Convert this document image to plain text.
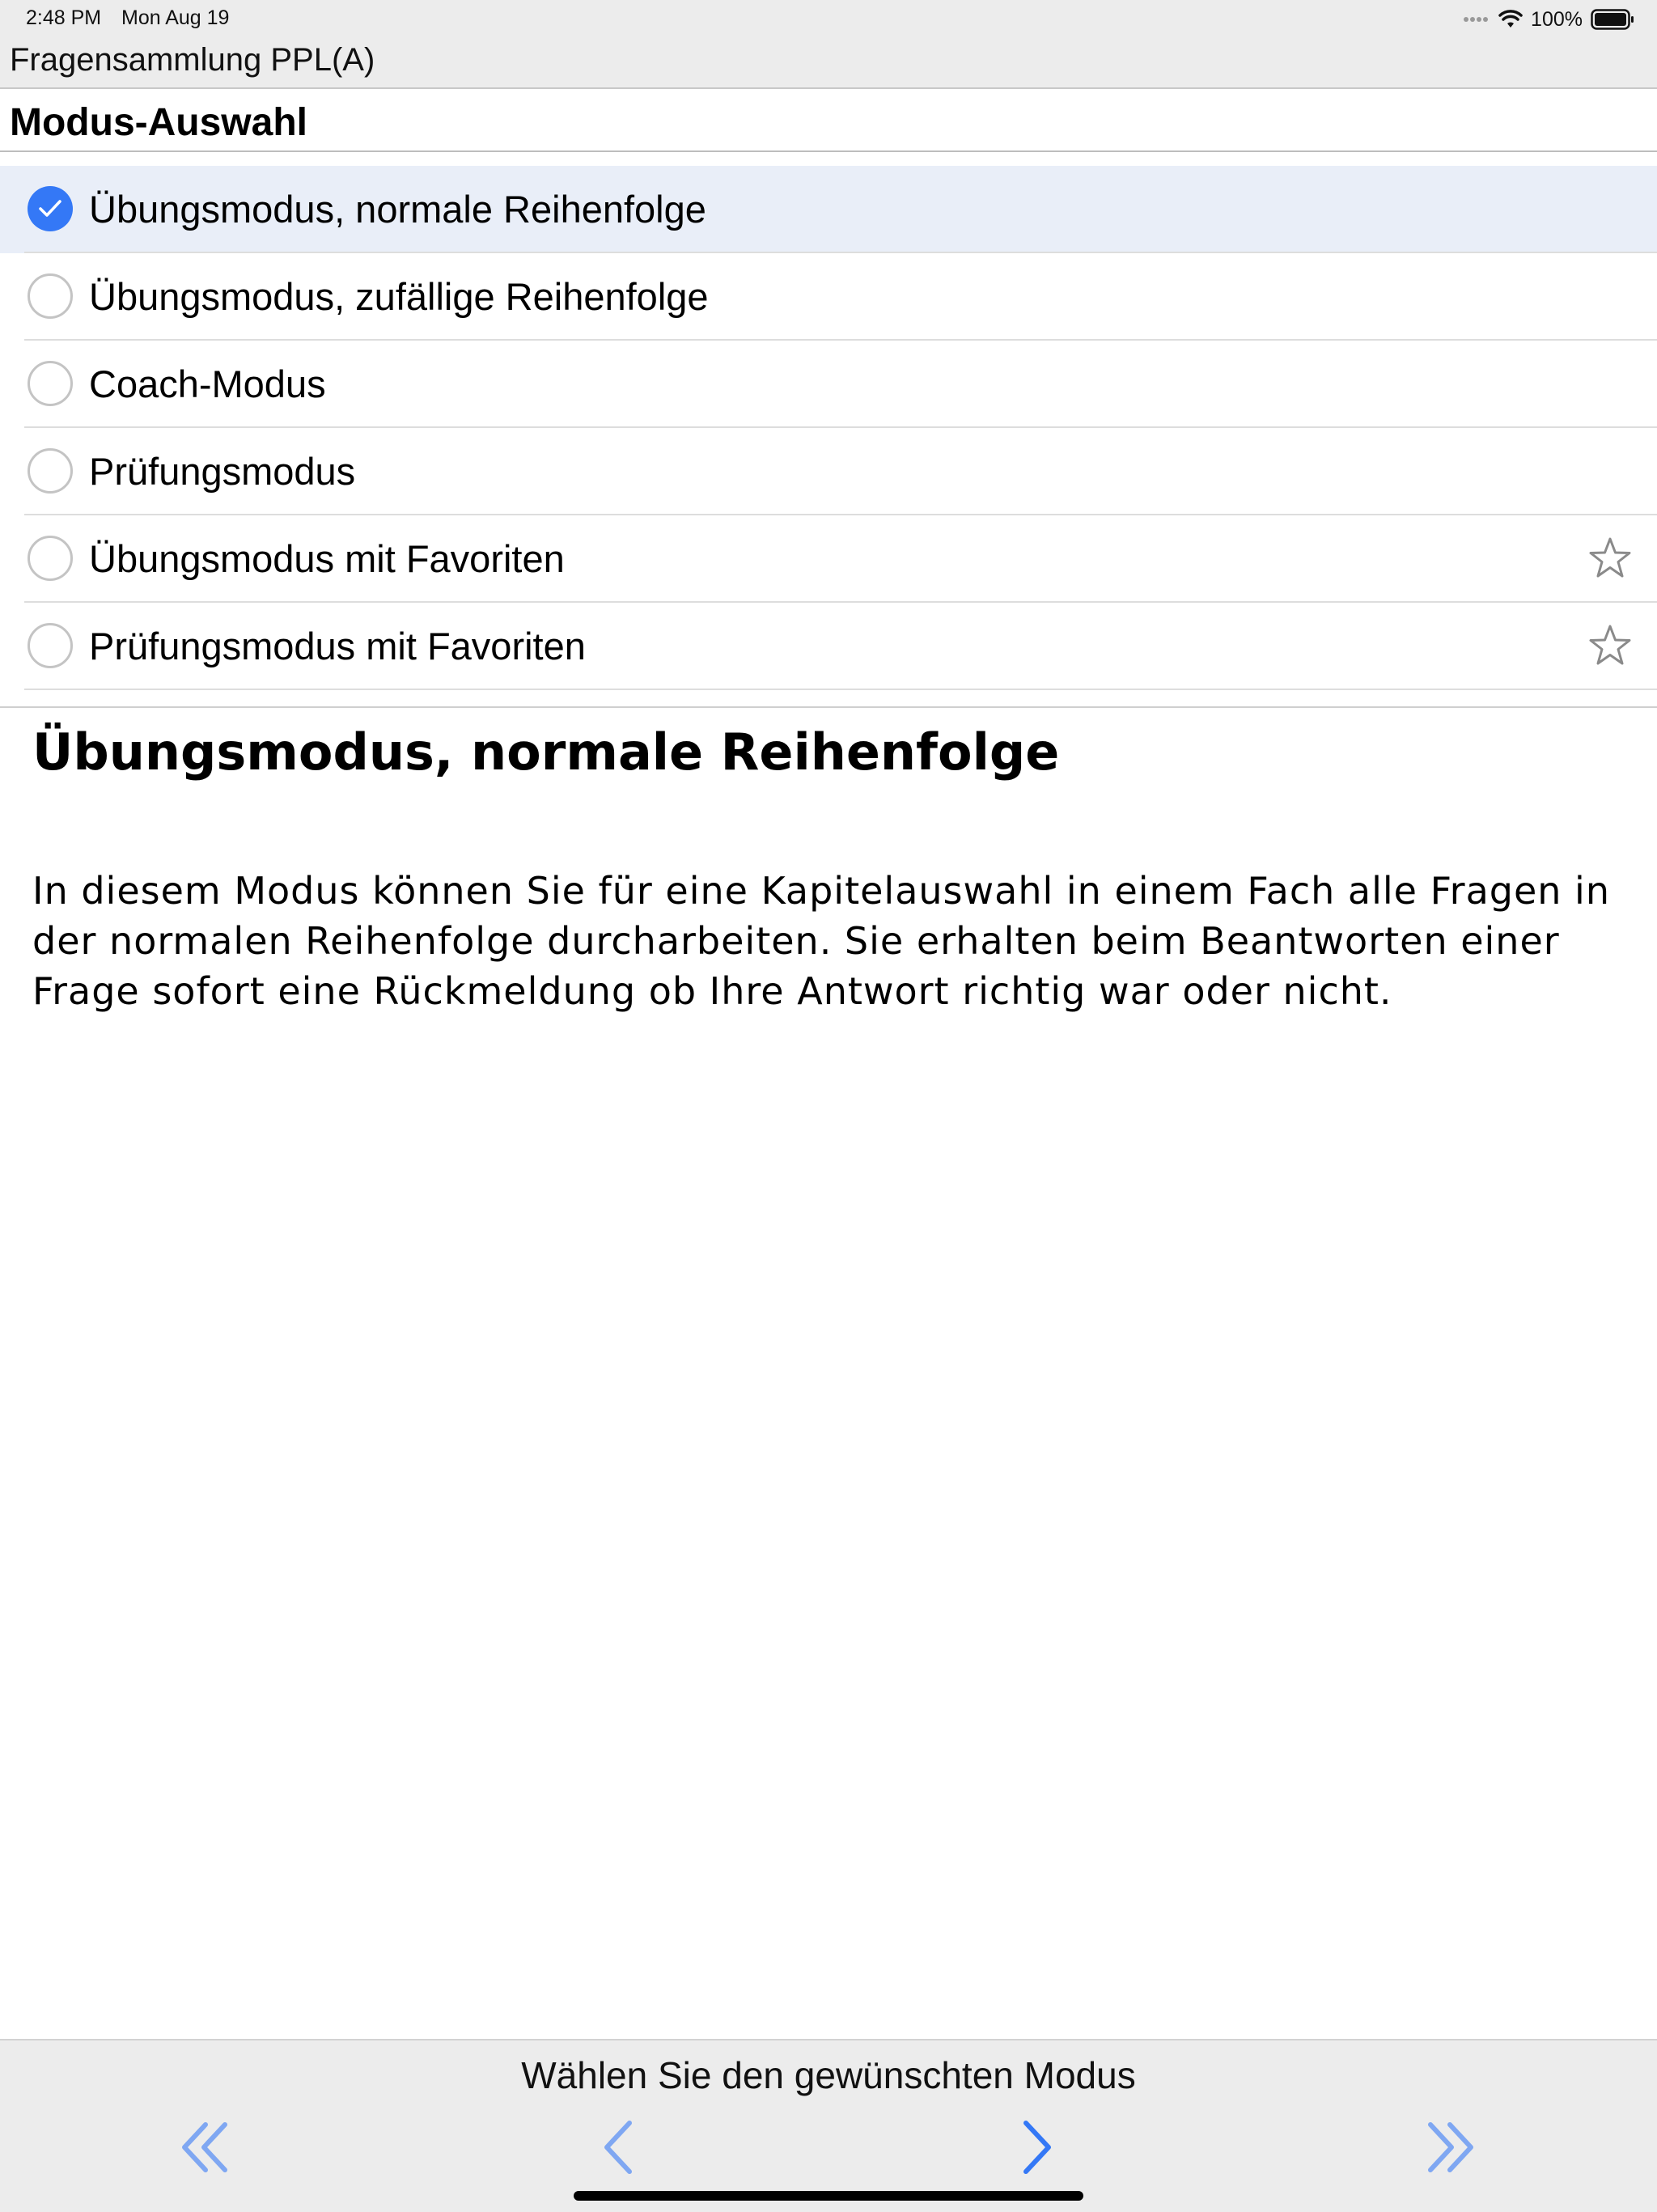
2:48 PM Mon Aug 19	100%
Fragensammlung PPL(A)
Modus-Auswahl
Übungsmodus, normale Reihenfolge
Übungsmodus, zufällige Reihenfolge
Coach-Modus
Prüfungsmodus
Übungsmodus mit Favoriten
Prüfungsmodus mit Favoriten
Übungsmodus, normale Reihenfolge
In diesem Modus können Sie für eine Kapitelauswahl in einem Fach alle Fragen in der normalen Reihenfolge durcharbeiten. Sie erhalten beim Beantworten einer Frage sofort eine Rückmeldung ob Ihre Antwort richtig war oder nicht.
Wählen Sie den gewünschten Modus
